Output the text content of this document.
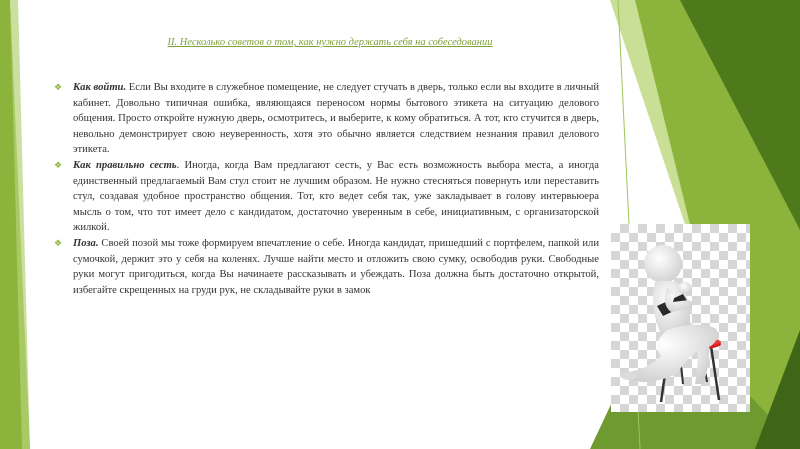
II. Несколько советов о том, как нужно держать себя на собеседовании

❖ Как войти. Если Вы входите в служебное помещение, не следует стучать в дверь, только если вы входите в личный кабинет. Довольно типичная ошибка, являющаяся переносом нормы бытового этикета на ситуацию делового общения. Просто откройте нужную дверь, осмотритесь, и выберите, к кому обратиться. А тот, кто стучится в дверь, невольно демонстрирует свою неуверенность, хотя это обычно является следствием незнания правил делового этикета.

❖ Как правильно сесть. Иногда, когда Вам предлагают сесть, у Вас есть возможность выбора места, а иногда единственный предлагаемый Вам стул стоит не лучшим образом. Не нужно стесняться повернуть или переставить стул, создавая удобное пространство общения. Тот, кто ведет себя так, уже закладывает в голову интервьюера мысль о том, что тот имеет дело с кандидатом, достаточно уверенным в себе, инициативным, с организаторской жилкой.

❖ Поза. Своей позой мы тоже формируем впечатление о себе. Иногда кандидат, пришедший с портфелем, папкой или сумочкой, держит это у себя на коленях. Лучше найти место и отложить свою сумку, освободив руки. Свободные руки могут пригодиться, когда Вы начинаете рассказывать и убеждать. Поза должна быть достаточно открытой, избегайте скрещенных на груди рук, не складывайте руки в замок
